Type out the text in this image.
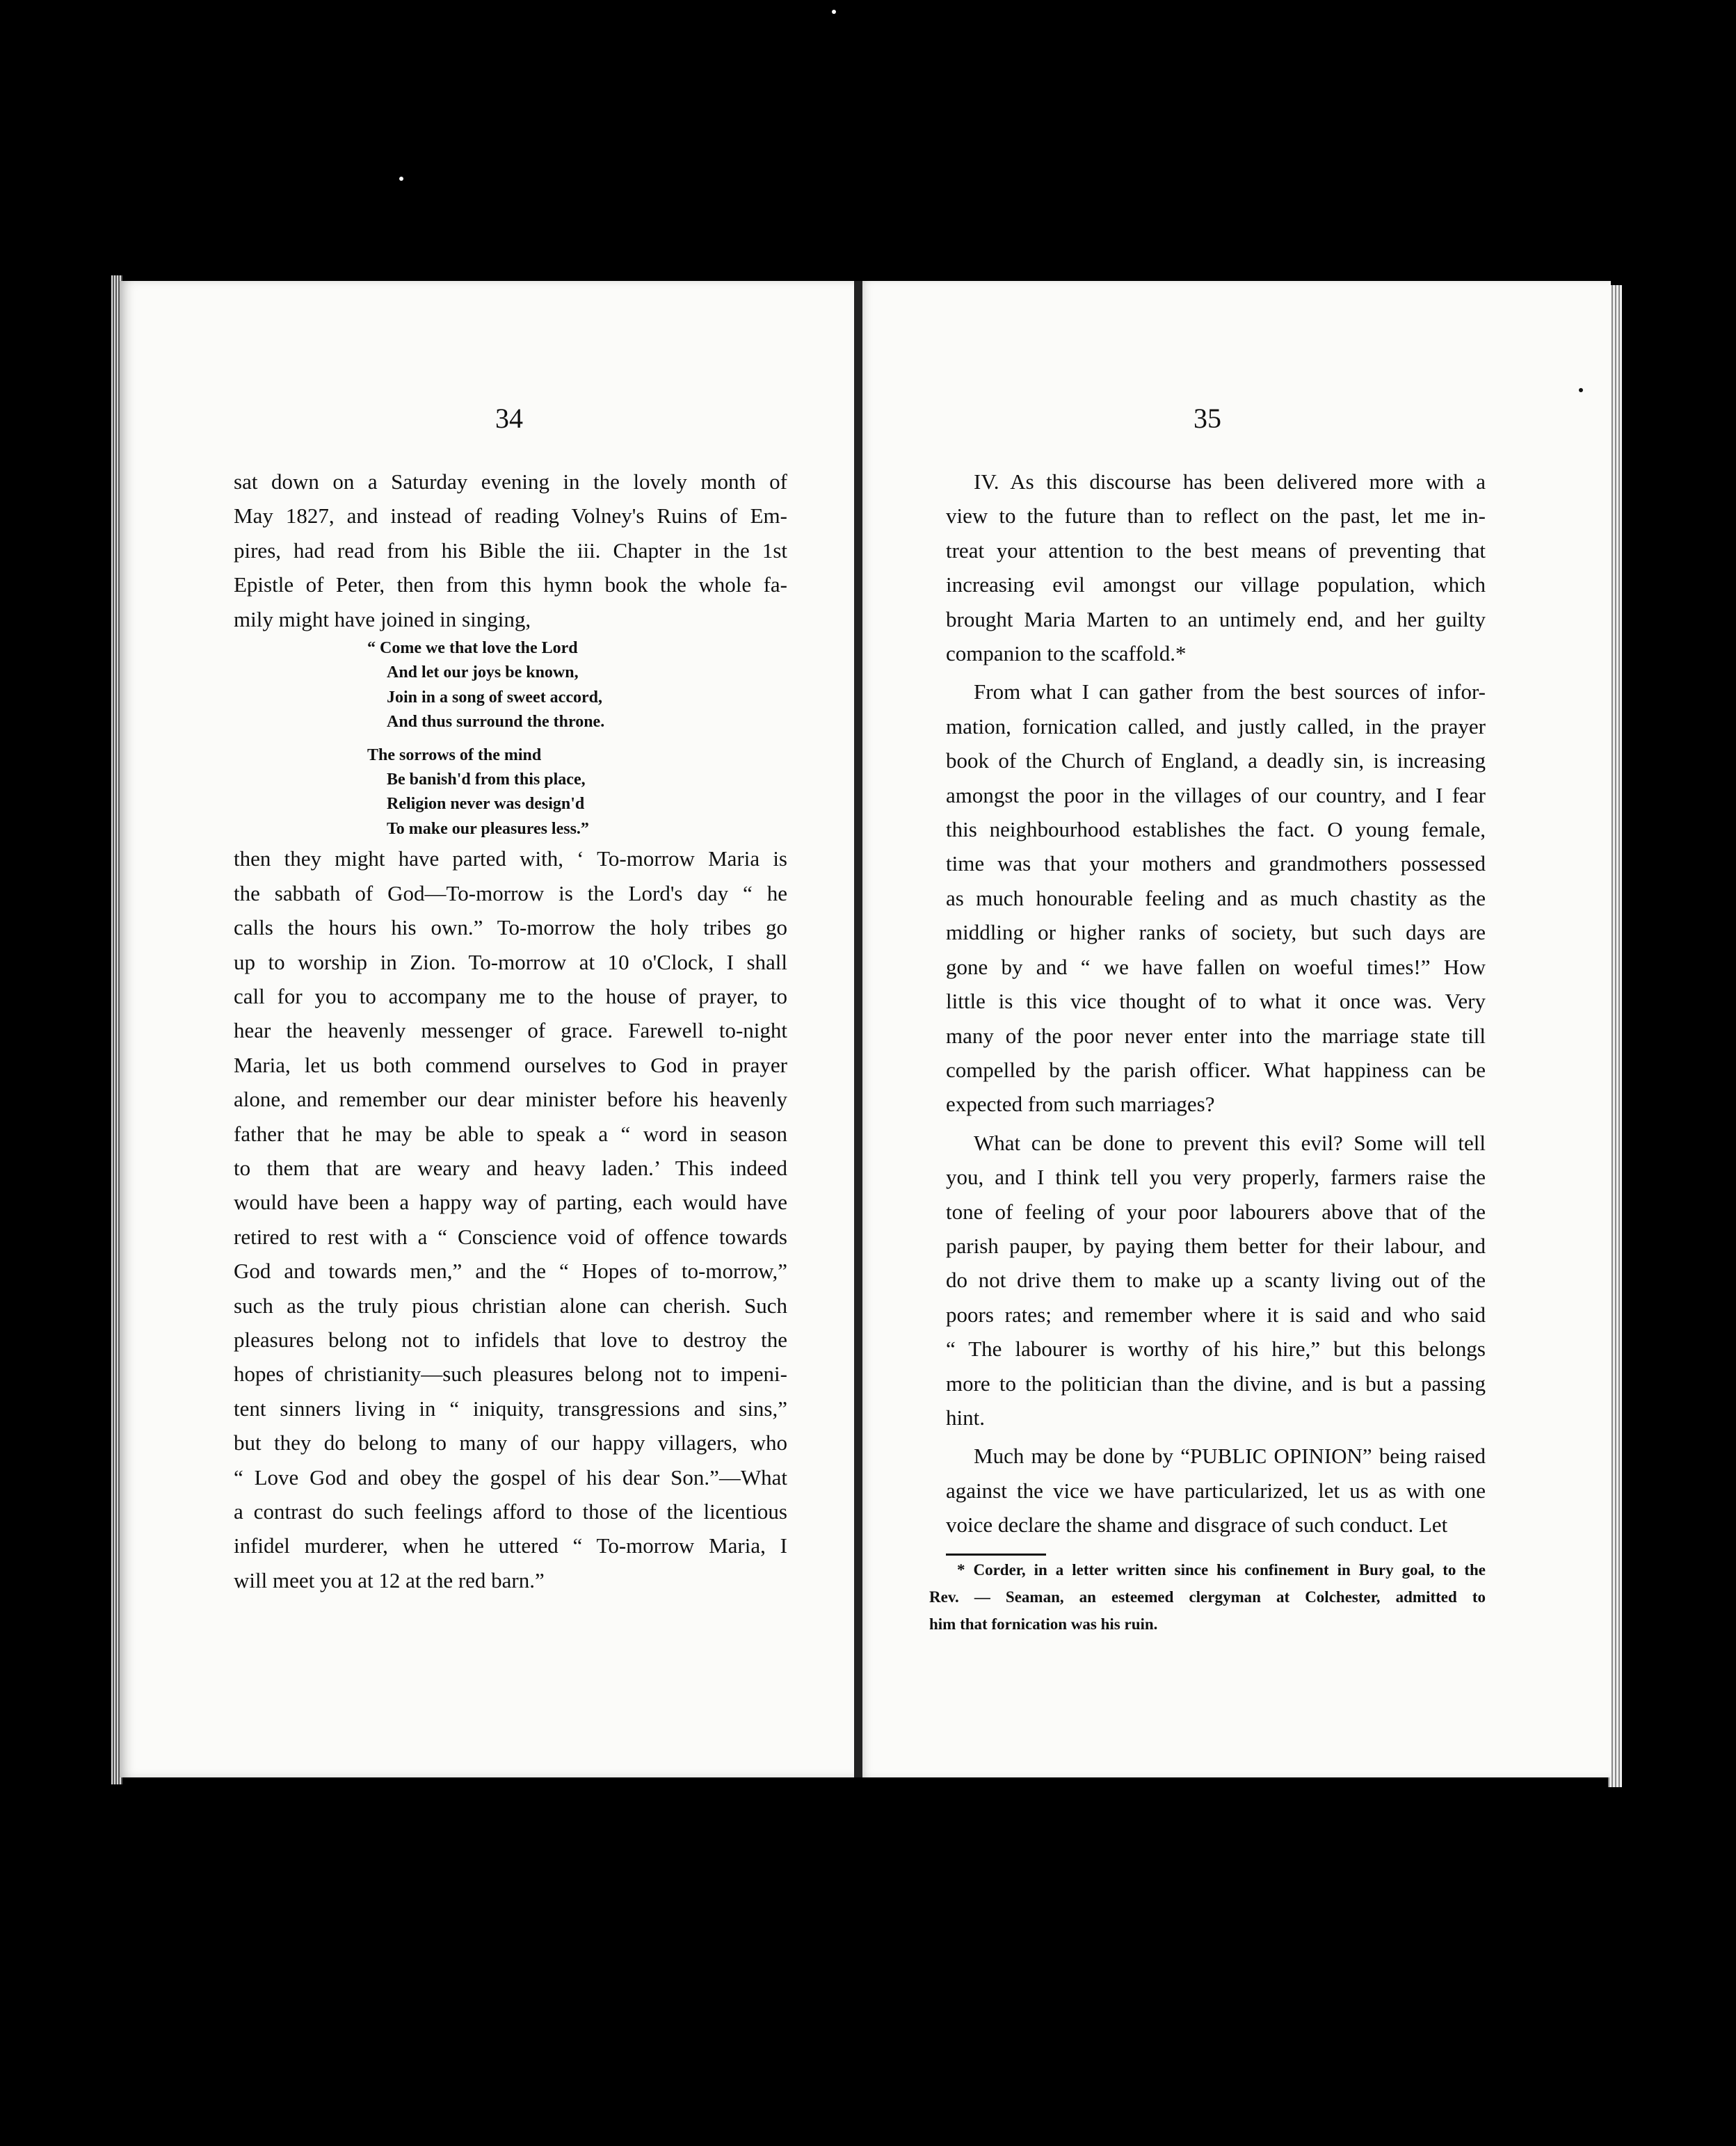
34	35
sat down on a Saturday evening in the lovely month of
May 1827, and instead of reading Volney's Ruins of Em-
pires, had read from his Bible the iii. Chapter in the 1st
Epistle of Peter, then from this hymn book the whole fa-
mily might have joined in singing,
“ Come we that love the Lord
And let our joys be known,
Join in a song of sweet accord,
And thus surround the throne.
The sorrows of the mind
Be banish'd from this place,
Religion never was design'd
To make our pleasures less.”
then they might have parted with, ‘ To-morrow Maria is
the sabbath of God—To-morrow is the Lord's day “ he
calls the hours his own.” To-morrow the holy tribes go
up to worship in Zion. To-morrow at 10 o'Clock, I shall
call for you to accompany me to the house of prayer, to
hear the heavenly messenger of grace. Farewell to-night
Maria, let us both commend ourselves to God in prayer
alone, and remember our dear minister before his heavenly
father that he may be able to speak a “ word in season
to them that are weary and heavy laden.’ This indeed
would have been a happy way of parting, each would have
retired to rest with a “ Conscience void of offence towards
God and towards men,” and the “ Hopes of to-morrow,”
such as the truly pious christian alone can cherish. Such
pleasures belong not to infidels that love to destroy the
hopes of christianity—such pleasures belong not to impeni-
tent sinners living in “ iniquity, transgressions and sins,”
but they do belong to many of our happy villagers, who
“ Love God and obey the gospel of his dear Son.”—What
a contrast do such feelings afford to those of the licentious
infidel murderer, when he uttered “ To-morrow Maria, I
will meet you at 12 at the red barn.”
IV. As this discourse has been delivered more with a
view to the future than to reflect on the past, let me in-
treat your attention to the best means of preventing that
increasing evil amongst our village population, which
brought Maria Marten to an untimely end, and her guilty
companion to the scaffold.*
From what I can gather from the best sources of infor-
mation, fornication called, and justly called, in the prayer
book of the Church of England, a deadly sin, is increasing
amongst the poor in the villages of our country, and I fear
this neighbourhood establishes the fact. O young female,
time was that your mothers and grandmothers possessed
as much honourable feeling and as much chastity as the
middling or higher ranks of society, but such days are
gone by and “ we have fallen on woeful times!” How
little is this vice thought of to what it once was. Very
many of the poor never enter into the marriage state till
compelled by the parish officer. What happiness can be
expected from such marriages?
What can be done to prevent this evil? Some will tell
you, and I think tell you very properly, farmers raise the
tone of feeling of your poor labourers above that of the
parish pauper, by paying them better for their labour, and
do not drive them to make up a scanty living out of the
poors rates; and remember where it is said and who said
“ The labourer is worthy of his hire,” but this belongs
more to the politician than the divine, and is but a passing
hint.
Much may be done by “PUBLIC OPINION” being raised
against the vice we have particularized, let us as with one
voice declare the shame and disgrace of such conduct. Let
* Corder, in a letter written since his confinement in Bury goal, to the
Rev. — Seaman, an esteemed clergyman at Colchester, admitted to
him that fornication was his ruin.
